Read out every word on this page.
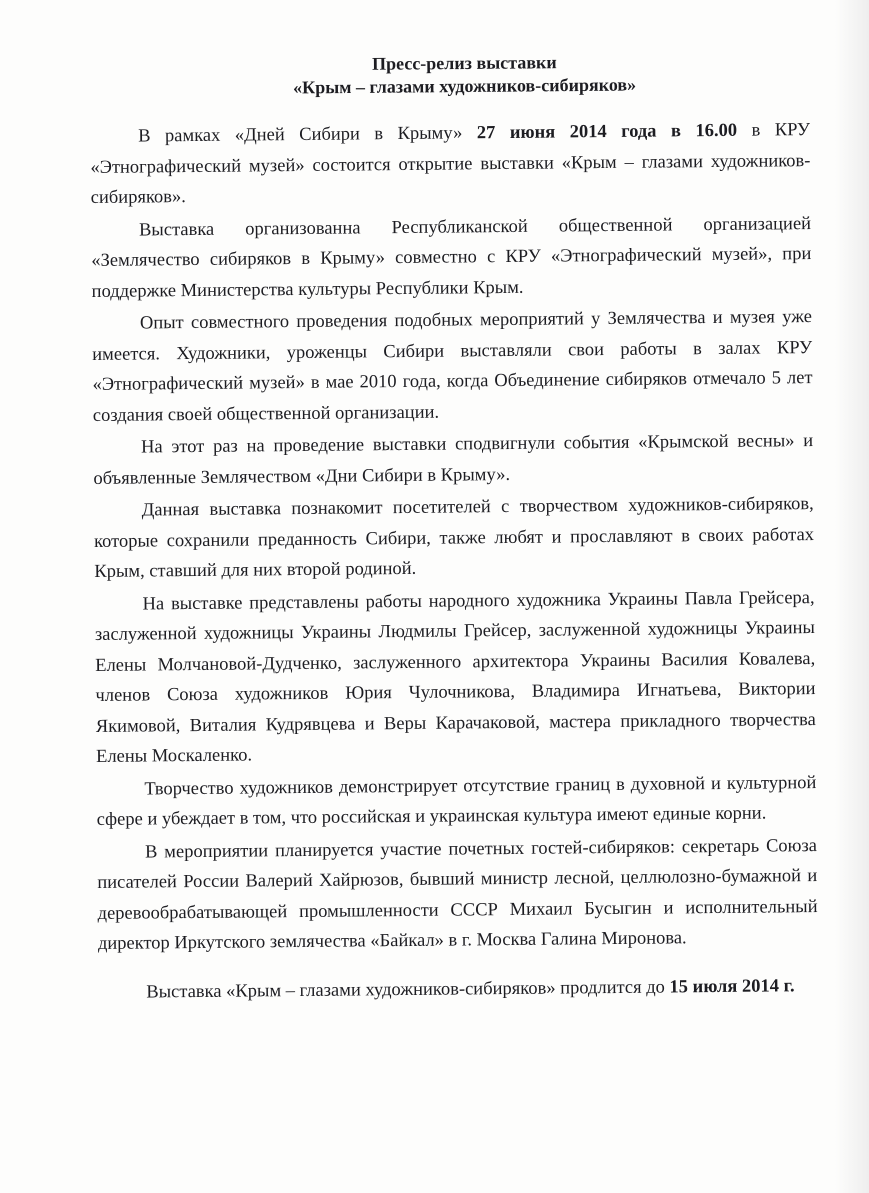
Пресс-релиз выставки
«Крым – глазами художников-сибиряков»

В рамках «Дней Сибири в Крыму» 27 июня 2014 года в 16.00 в КРУ «Этнографический музей» состоится открытие выставки «Крым – глазами художников-сибиряков».

Выставка организованна Республиканской общественной организацией «Землячество сибиряков в Крыму» совместно с КРУ «Этнографический музей», при поддержке Министерства культуры Республики Крым.

Опыт совместного проведения подобных мероприятий у Землячества и музея уже имеется. Художники, уроженцы Сибири выставляли свои работы в залах КРУ «Этнографический музей» в мае 2010 года, когда Объединение сибиряков отмечало 5 лет создания своей общественной организации.

На этот раз на проведение выставки сподвигнули события «Крымской весны» и объявленные Землячеством «Дни Сибири в Крыму».

Данная выставка познакомит посетителей с творчеством художников-сибиряков, которые сохранили преданность Сибири, также любят и прославляют в своих работах Крым, ставший для них второй родиной.

На выставке представлены работы народного художника Украины Павла Грейсера, заслуженной художницы Украины Людмилы Грейсер, заслуженной художницы Украины Елены Молчановой-Дудченко, заслуженного архитектора Украины Василия Ковалева, членов Союза художников Юрия Чулочникова, Владимира Игнатьева, Виктории Якимовой, Виталия Кудрявцева и Веры Карачаковой, мастера прикладного творчества Елены Москаленко.

Творчество художников демонстрирует отсутствие границ в духовной и культурной сфере и убеждает в том, что российская и украинская культура имеют единые корни.

В мероприятии планируется участие почетных гостей-сибиряков: секретарь Союза писателей России Валерий Хайрюзов, бывший министр лесной, целлюлозно-бумажной и деревообрабатывающей промышленности СССР Михаил Бусыгин и исполнительный директор Иркутского землячества «Байкал» в г. Москва Галина Миронова.

Выставка «Крым – глазами художников-сибиряков» продлится до 15 июля 2014 г.
